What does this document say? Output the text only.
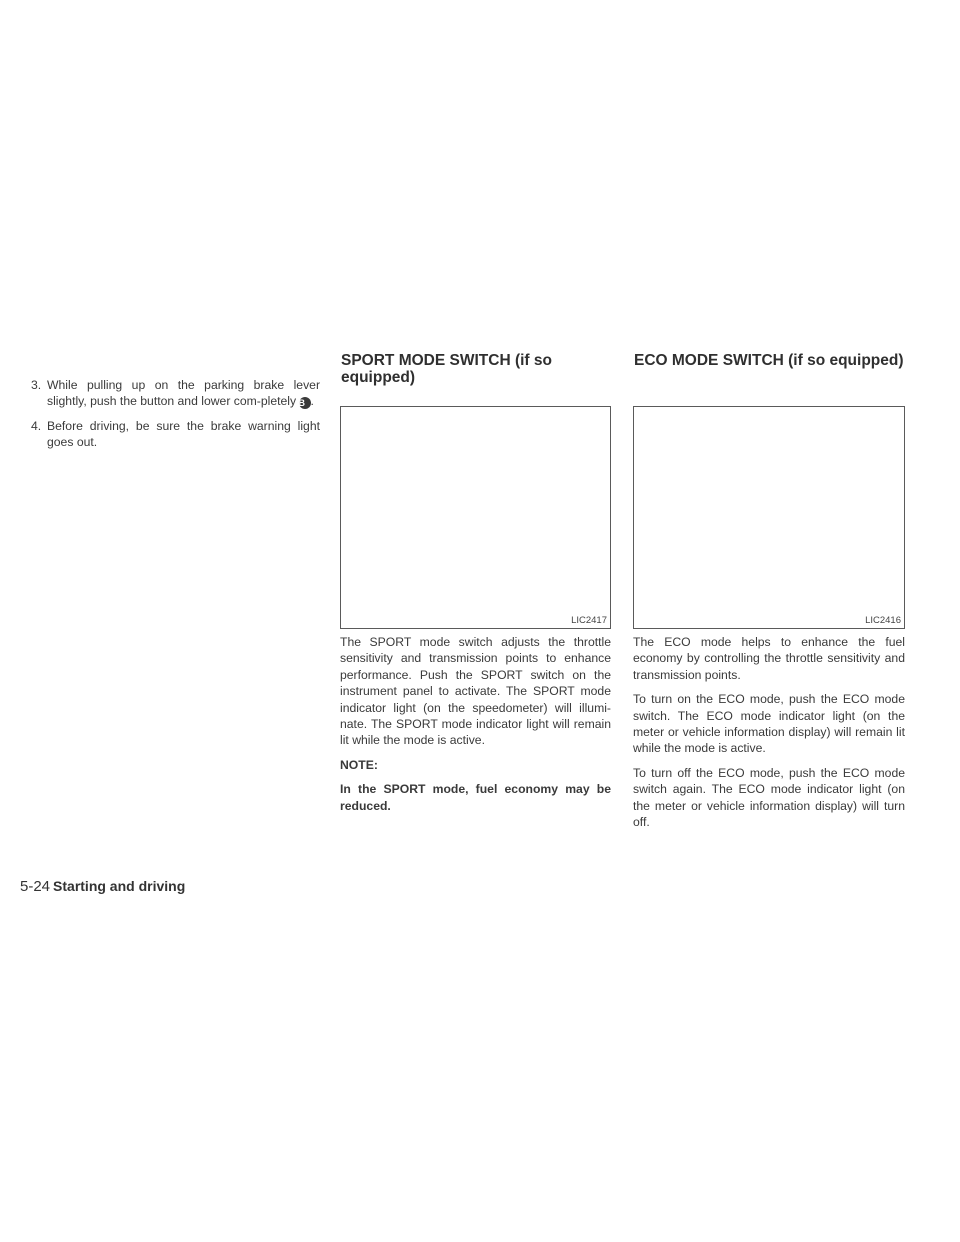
3. While pulling up on the parking brake lever slightly, push the button and lower com-pletely  B .
4. Before driving, be sure the brake warning light goes out.
SPORT MODE SWITCH (if so equipped)
LIC2417

The SPORT mode switch adjusts the throttle sensitivity and transmission points to enhance performance. Push the SPORT switch on the instrument panel to activate. The SPORT mode indicator light (on the speedometer) will illumi-nate. The SPORT mode indicator light will remain lit while the mode is active.

NOTE:

In the SPORT mode, fuel economy may be reduced.

ECO MODE SWITCH (if so equipped)
LIC2416

The ECO mode helps to enhance the fuel economy by controlling the throttle sensitivity and transmission points.

To turn on the ECO mode, push the ECO mode switch. The ECO mode indicator light (on the meter or vehicle information display) will remain lit while the mode is active.

To turn off the ECO mode, push the ECO mode switch again. The ECO mode indicator light (on the meter or vehicle information display) will turn off.

5-24 Starting and driving
